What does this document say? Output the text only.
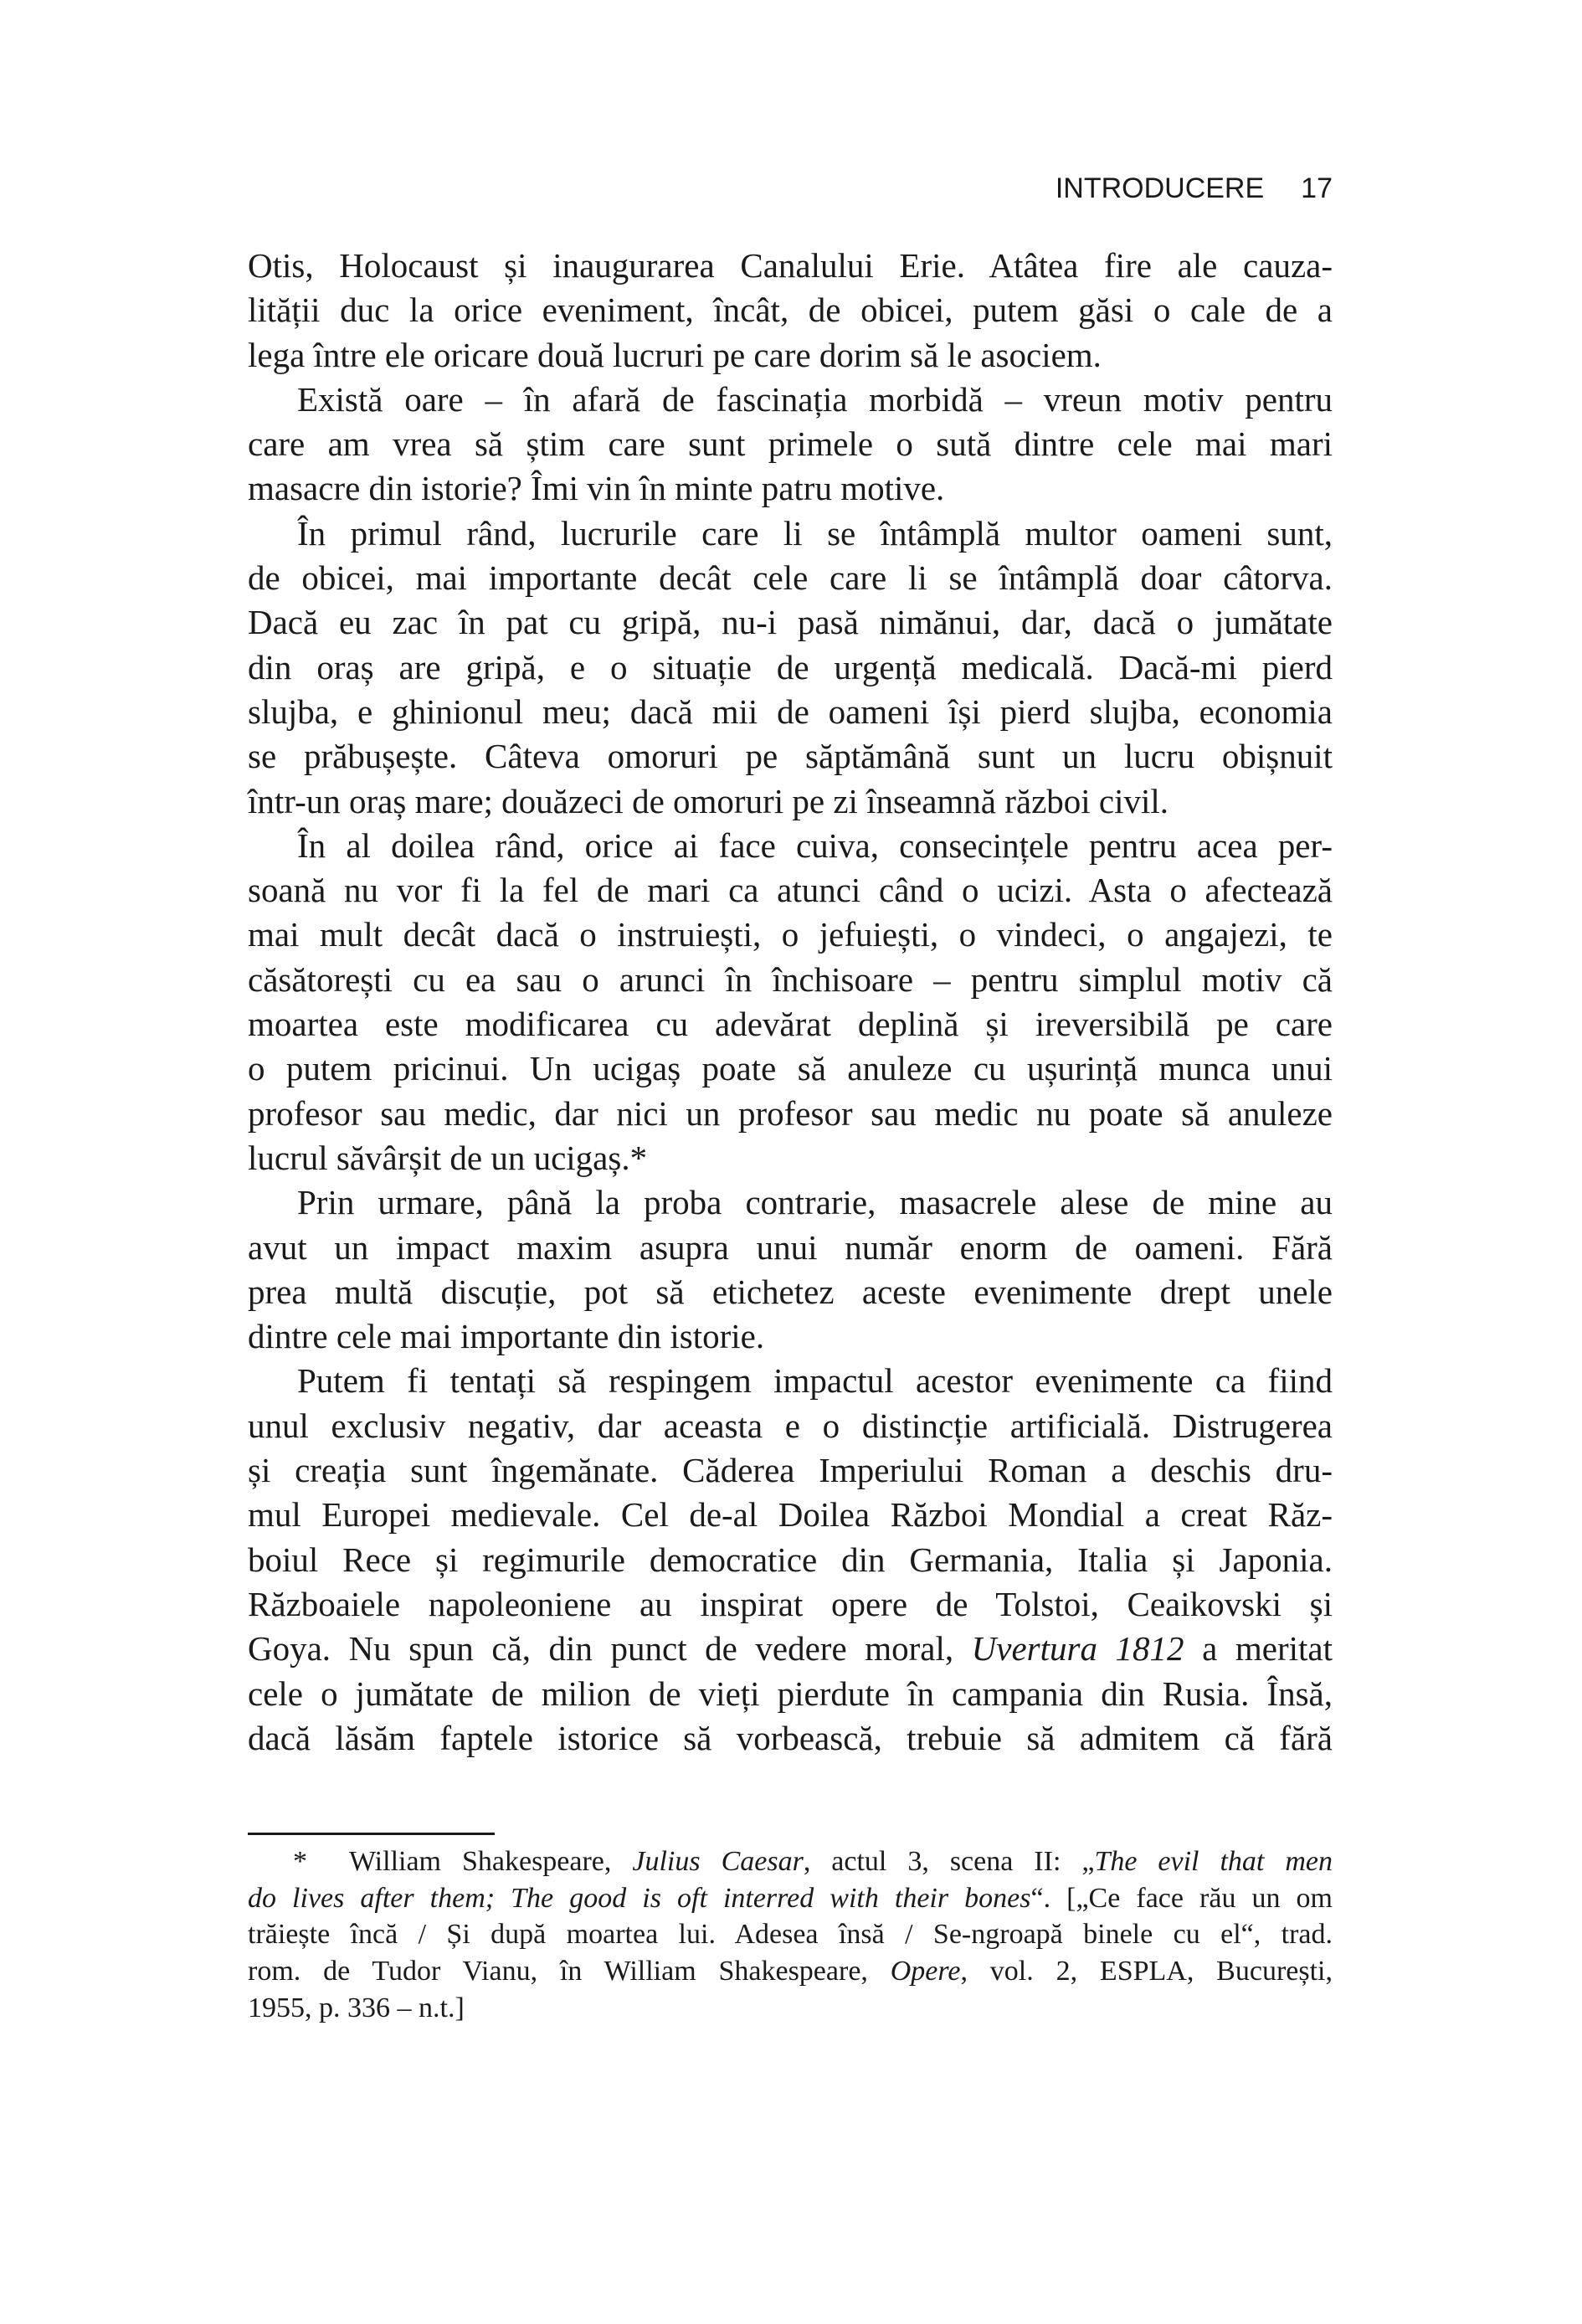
INTRODUCERE 17
Otis, Holocaust și inaugurarea Canalului Erie. Atâtea fire ale cauza-
lității duc la orice eveniment, încât, de obicei, putem găsi o cale de a
lega între ele oricare două lucruri pe care dorim să le asociem.
Există oare – în afară de fascinația morbidă – vreun motiv pentru
care am vrea să știm care sunt primele o sută dintre cele mai mari
masacre din istorie? Îmi vin în minte patru motive.
În primul rând, lucrurile care li se întâmplă multor oameni sunt,
de obicei, mai importante decât cele care li se întâmplă doar câtorva.
Dacă eu zac în pat cu gripă, nu-i pasă nimănui, dar, dacă o jumătate
din oraș are gripă, e o situație de urgență medicală. Dacă-mi pierd
slujba, e ghinionul meu; dacă mii de oameni își pierd slujba, economia
se prăbușește. Câteva omoruri pe săptămână sunt un lucru obișnuit
într-un oraș mare; douăzeci de omoruri pe zi înseamnă război civil.
În al doilea rând, orice ai face cuiva, consecințele pentru acea per-
soană nu vor fi la fel de mari ca atunci când o ucizi. Asta o afectează
mai mult decât dacă o instruiești, o jefuiești, o vindeci, o angajezi, te
căsătorești cu ea sau o arunci în închisoare – pentru simplul motiv că
moartea este modificarea cu adevărat deplină și ireversibilă pe care
o putem pricinui. Un ucigaș poate să anuleze cu ușurință munca unui
profesor sau medic, dar nici un profesor sau medic nu poate să anuleze
lucrul săvârșit de un ucigaș.*
Prin urmare, până la proba contrarie, masacrele alese de mine au
avut un impact maxim asupra unui număr enorm de oameni. Fără
prea multă discuție, pot să etichetez aceste evenimente drept unele
dintre cele mai importante din istorie.
Putem fi tentați să respingem impactul acestor evenimente ca fiind
unul exclusiv negativ, dar aceasta e o distincție artificială. Distrugerea
și creația sunt îngemănate. Căderea Imperiului Roman a deschis dru-
mul Europei medievale. Cel de-al Doilea Război Mondial a creat Răz-
boiul Rece și regimurile democratice din Germania, Italia și Japonia.
Războaiele napoleoniene au inspirat opere de Tolstoi, Ceaikovski și
Goya. Nu spun că, din punct de vedere moral, Uvertura 1812 a meritat
cele o jumătate de milion de vieți pierdute în campania din Rusia. Însă,
dacă lăsăm faptele istorice să vorbească, trebuie să admitem că fără
* William Shakespeare, Julius Caesar, actul 3, scena II: „The evil that men
do lives after them; The good is oft interred with their bones“. [„Ce face rău un om
trăiește încă / Și după moartea lui. Adesea însă / Se-ngroapă binele cu el“, trad.
rom. de Tudor Vianu, în William Shakespeare, Opere, vol. 2, ESPLA, București,
1955, p. 336 – n.t.]
